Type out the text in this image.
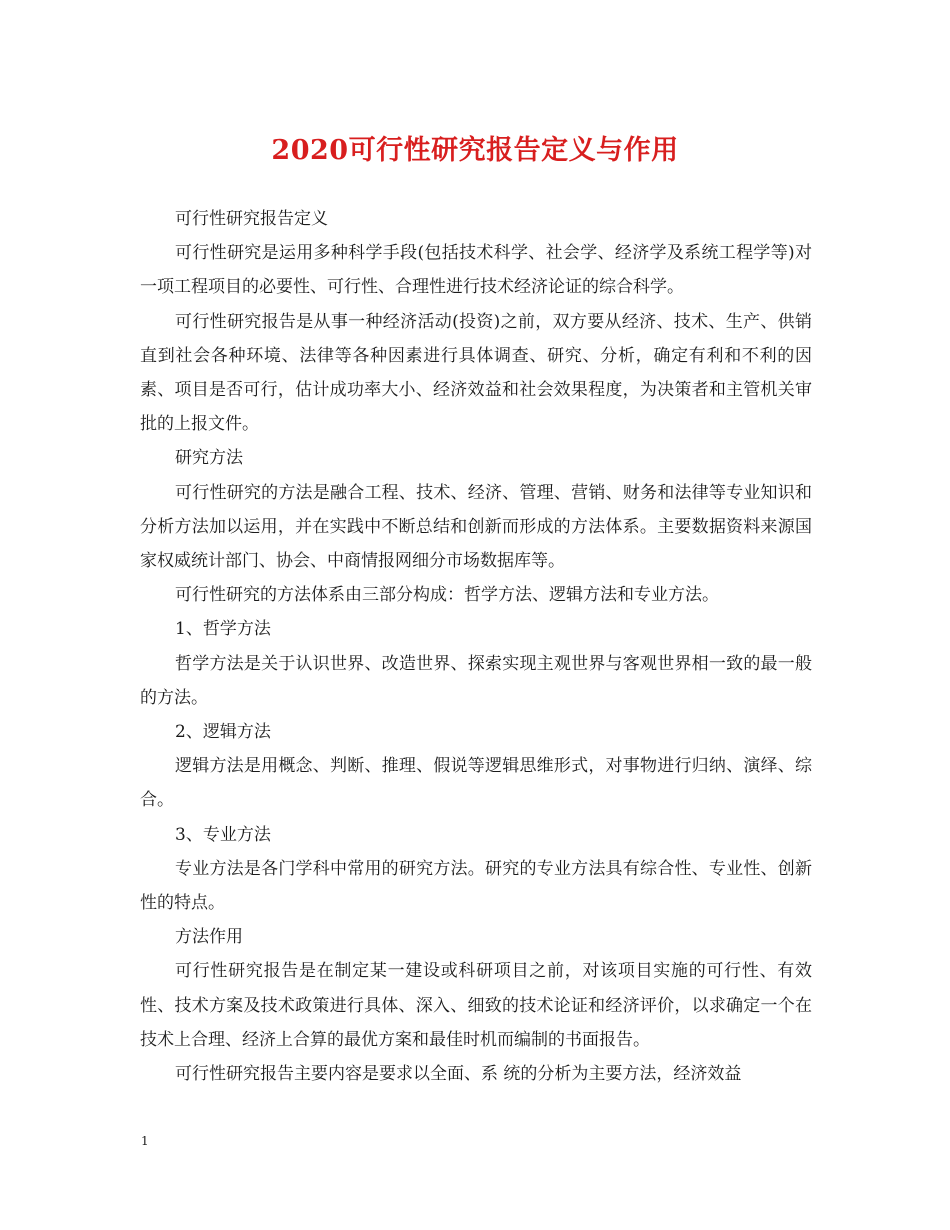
2020可行性研究报告定义与作用

可行性研究报告定义

可行性研究是运用多种科学手段(包括技术科学、社会学、经济学及系统工程学等)对一项工程项目的必要性、可行性、合理性进行技术经济论证的综合科学。

可行性研究报告是从事一种经济活动(投资)之前，双方要从经济、技术、生产、供销直到社会各种环境、法律等各种因素进行具体调查、研究、分析，确定有利和不利的因素、项目是否可行，估计成功率大小、经济效益和社会效果程度，为决策者和主管机关审批的上报文件。

研究方法

可行性研究的方法是融合工程、技术、经济、管理、营销、财务和法律等专业知识和分析方法加以运用，并在实践中不断总结和创新而形成的方法体系。主要数据资料来源国家权威统计部门、协会、中商情报网细分市场数据库等。

可行性研究的方法体系由三部分构成：哲学方法、逻辑方法和专业方法。

1、哲学方法

哲学方法是关于认识世界、改造世界、探索实现主观世界与客观世界相一致的最一般的方法。

2、逻辑方法

逻辑方法是用概念、判断、推理、假说等逻辑思维形式，对事物进行归纳、演绎、综合。

3、专业方法

专业方法是各门学科中常用的研究方法。研究的专业方法具有综合性、专业性、创新性的特点。

方法作用

可行性研究报告是在制定某一建设或科研项目之前，对该项目实施的可行性、有效性、技术方案及技术政策进行具体、深入、细致的技术论证和经济评价，以求确定一个在技术上合理、经济上合算的最优方案和最佳时机而编制的书面报告。

可行性研究报告主要内容是要求以全面、系 统的分析为主要方法，经济效益

1
